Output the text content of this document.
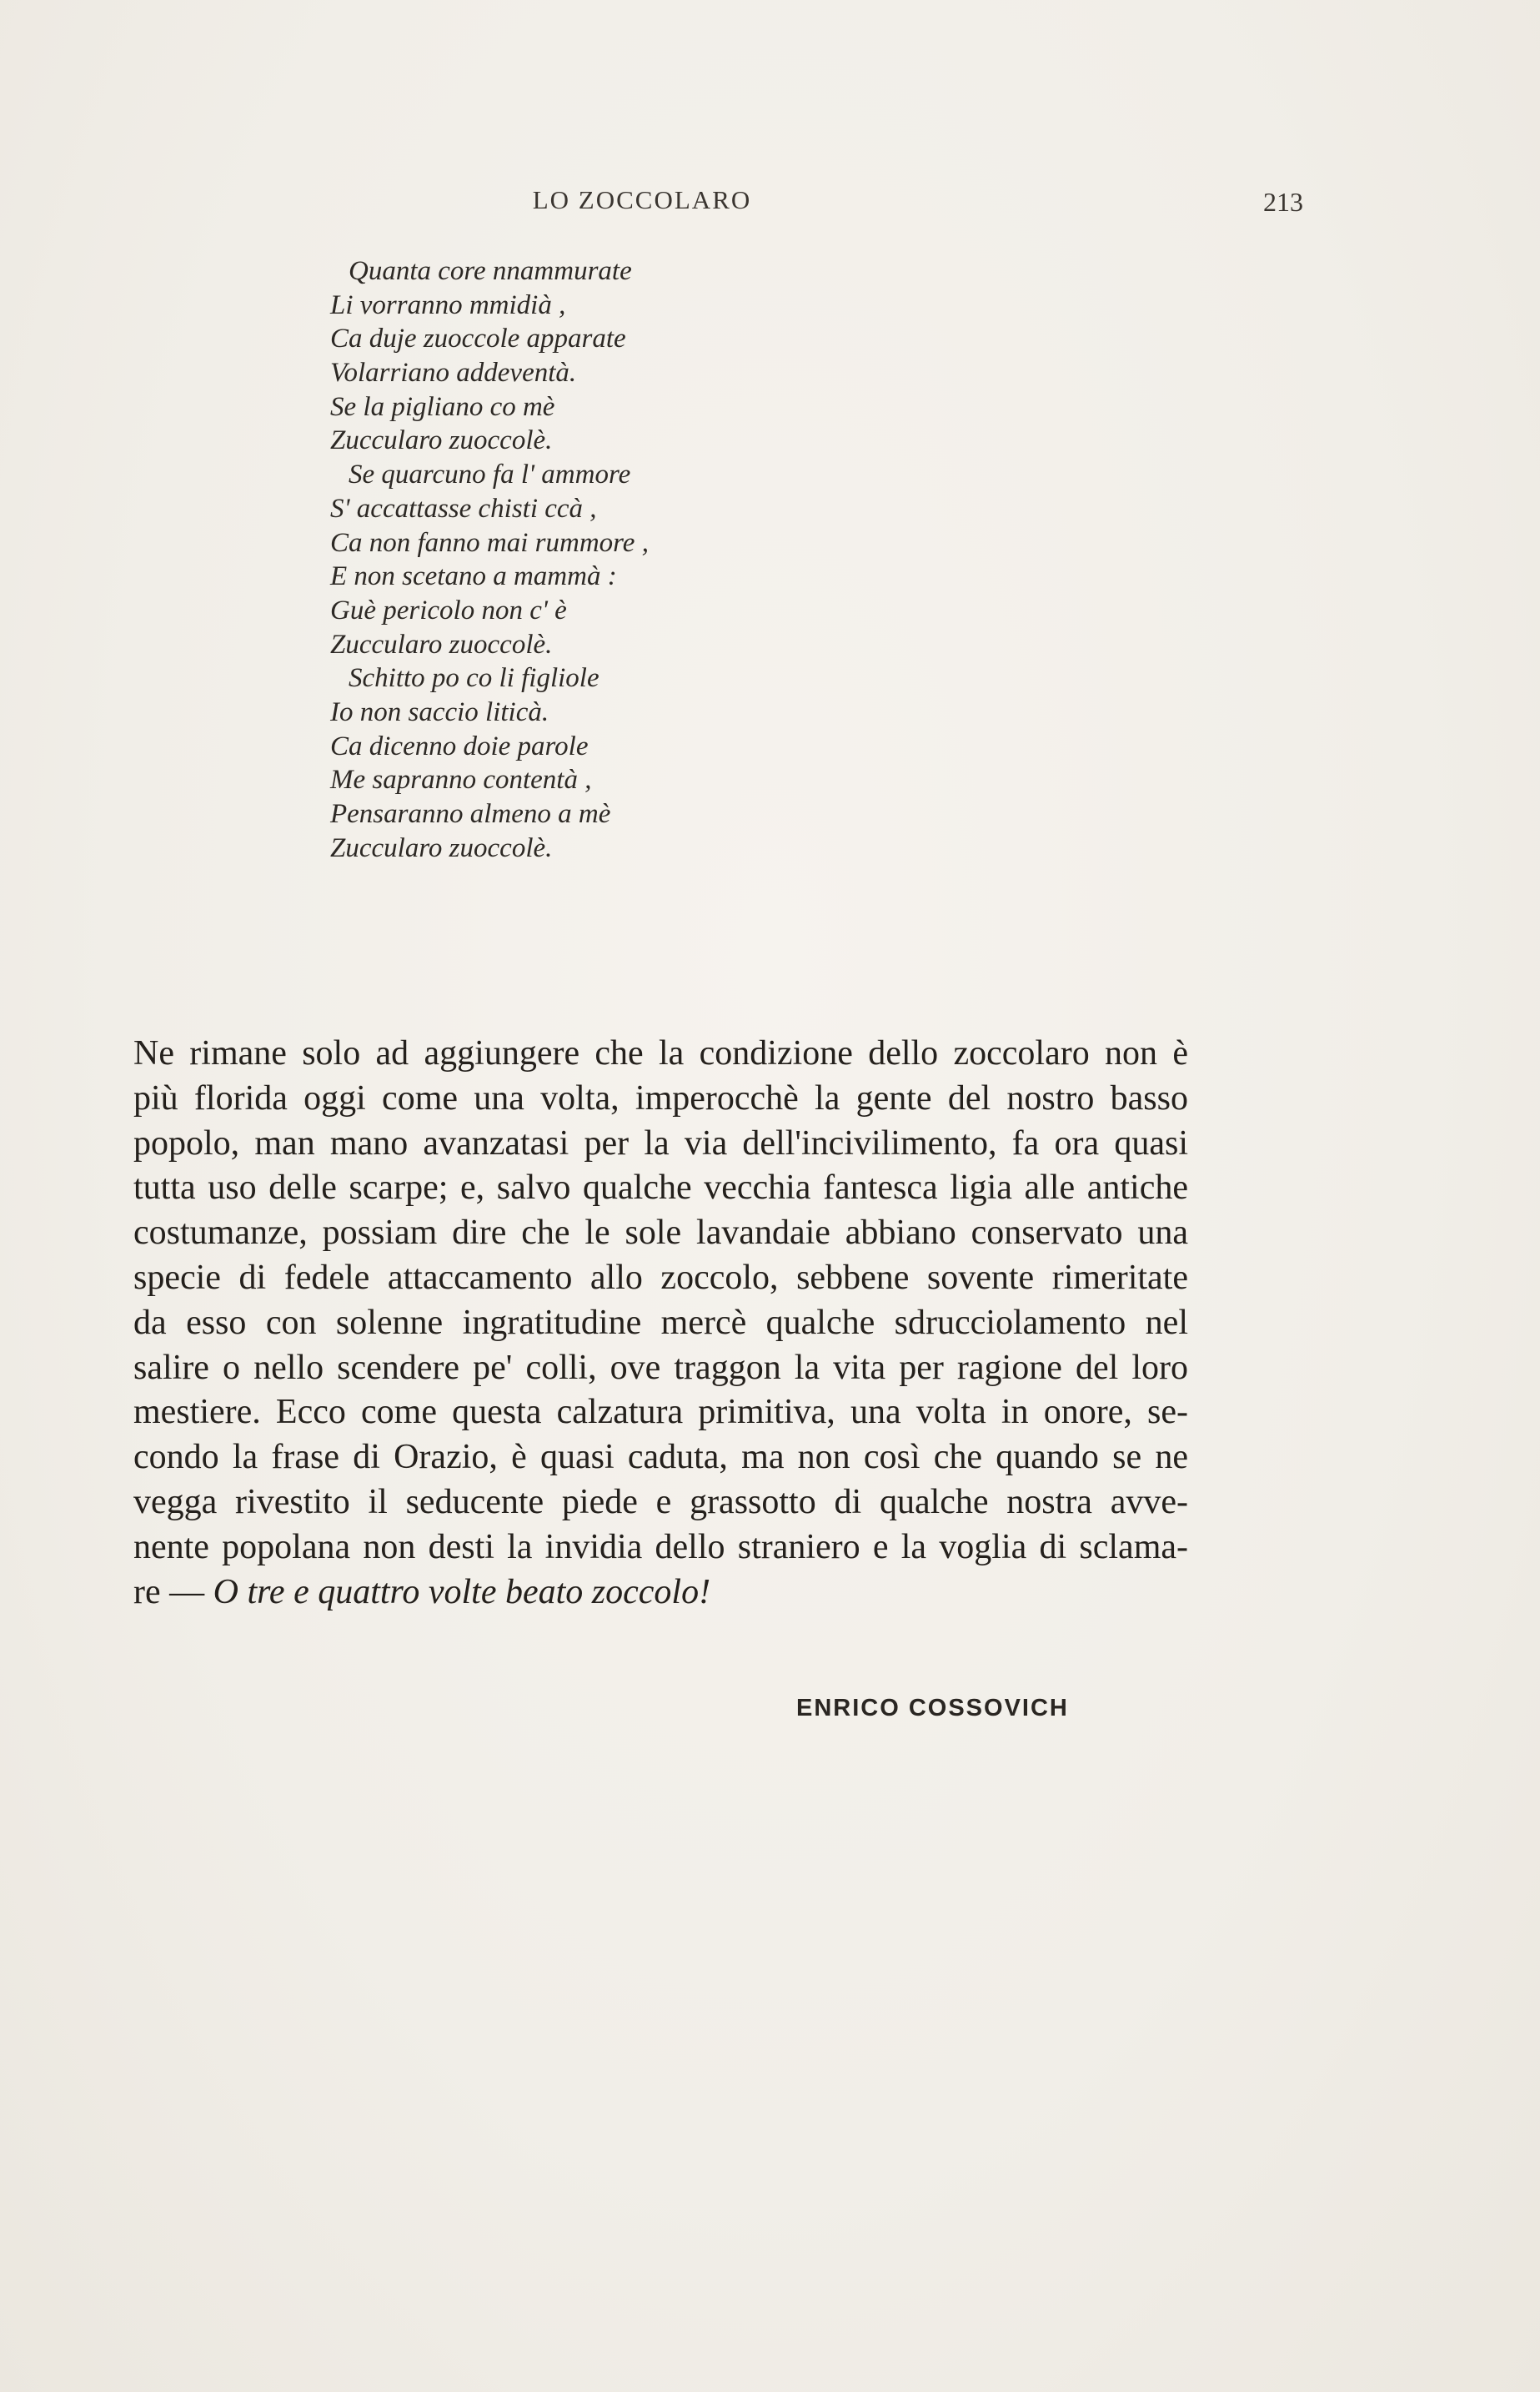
LO ZOCCOLARO	213
Quanta core nnammurate
Li vorranno mmidià ,
Ca duje zuoccole apparate
Volarriano addeventà.
Se la pigliano co mè
Zucculаro zuoccolè.
Se quarcuno fa l' ammore
S' accattasse chisti ccà ,
Ca non fanno mai rummore ,
E non scetano a mammà :
Guè pericolo non c' è
Zucculаro zuoccolè.
Schitto po co li figliole
Io non saccio liticà.
Ca dicenno doie parole
Me sapranno contentà ,
Pensaranno almeno a mè
Zucculаro zuoccolè.
Ne rimane solo ad aggiungere che la condizione dello zoccolaro non è
più florida oggi come una volta, imperocchè la gente del nostro basso
popolo, man mano avanzatasi per la via dell'incivilimento, fa ora quasi
tutta uso delle scarpe; e, salvo qualche vecchia fantesca ligia alle antiche
costumanze, possiam dire che le sole lavandaie abbiano conservato una
specie di fedele attaccamento allo zoccolo, sebbene sovente rimeritate
da esso con solenne ingratitudine mercè qualche sdrucciolamento nel
salire o nello scendere pe' colli, ove traggon la vita per ragione del loro
mestiere. Ecco come questa calzatura primitiva, una volta in onore, se-
condo la frase di Orazio, è quasi caduta, ma non così che quando se ne
vegga rivestito il seducente piede e grassotto di qualche nostra avve-
nente popolana non desti la invidia dello straniero e la voglia di sclama-
re — O tre e quattro volte beato zoccolo!
ENRICO COSSOVICH
